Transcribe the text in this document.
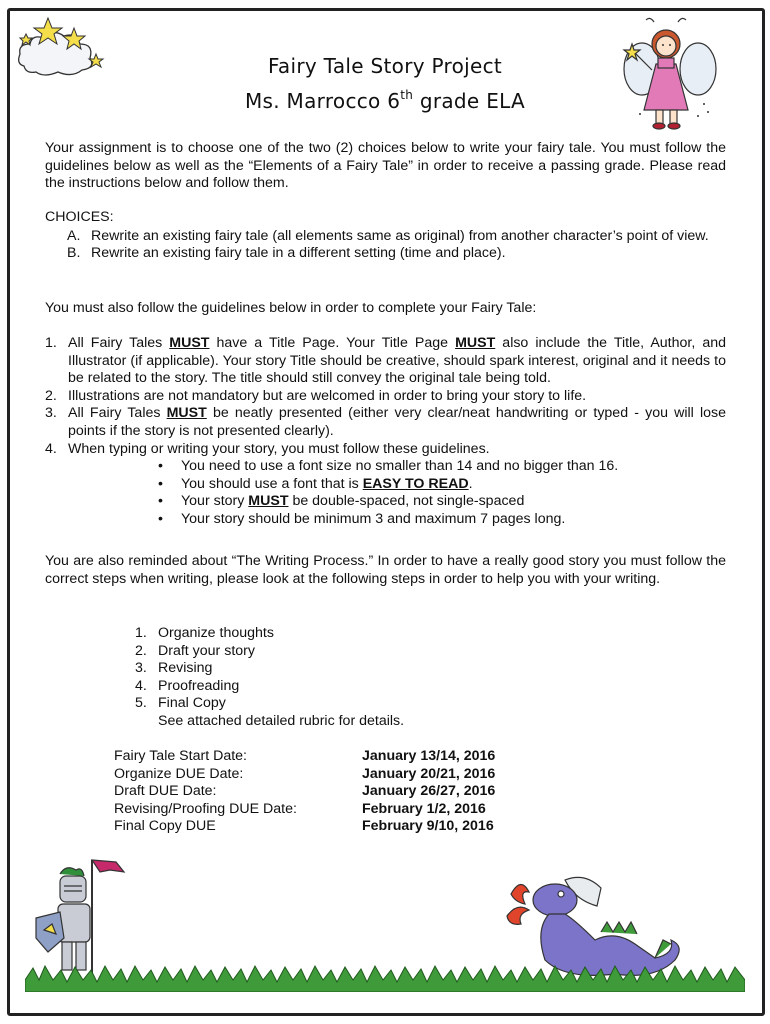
Fairy Tale Story Project
Ms. Marrocco 6th grade ELA

Your assignment is to choose one of the two (2) choices below to write your fairy tale. You must follow the guidelines below as well as the “Elements of a Fairy Tale” in order to receive a passing grade. Please read the instructions below and follow them.

CHOICES:
A. Rewrite an existing fairy tale (all elements same as original) from another character’s point of view.
B. Rewrite an existing fairy tale in a different setting (time and place).

You must also follow the guidelines below in order to complete your Fairy Tale:

1. All Fairy Tales MUST have a Title Page. Your Title Page MUST also include the Title, Author, and Illustrator (if applicable). Your story Title should be creative, should spark interest, original and it needs to be related to the story. The title should still convey the original tale being told.
2. Illustrations are not mandatory but are welcomed in order to bring your story to life.
3. All Fairy Tales MUST be neatly presented (either very clear/neat handwriting or typed - you will lose points if the story is not presented clearly).
4. When typing or writing your story, you must follow these guidelines.
• You need to use a font size no smaller than 14 and no bigger than 16.
• You should use a font that is EASY TO READ.
• Your story MUST be double-spaced, not single-spaced
• Your story should be minimum 3 and maximum 7 pages long.

You are also reminded about “The Writing Process.” In order to have a really good story you must follow the correct steps when writing, please look at the following steps in order to help you with your writing.

1. Organize thoughts
2. Draft your story
3. Revising
4. Proofreading
5. Final Copy
See attached detailed rubric for details.
Fairy Tale Start Date:	January 13/14, 2016
Organize DUE Date:	January 20/21, 2016
Draft DUE Date:	January 26/27, 2016
Revising/Proofing DUE Date:	February 1/2, 2016
Final Copy DUE	February 9/10, 2016
